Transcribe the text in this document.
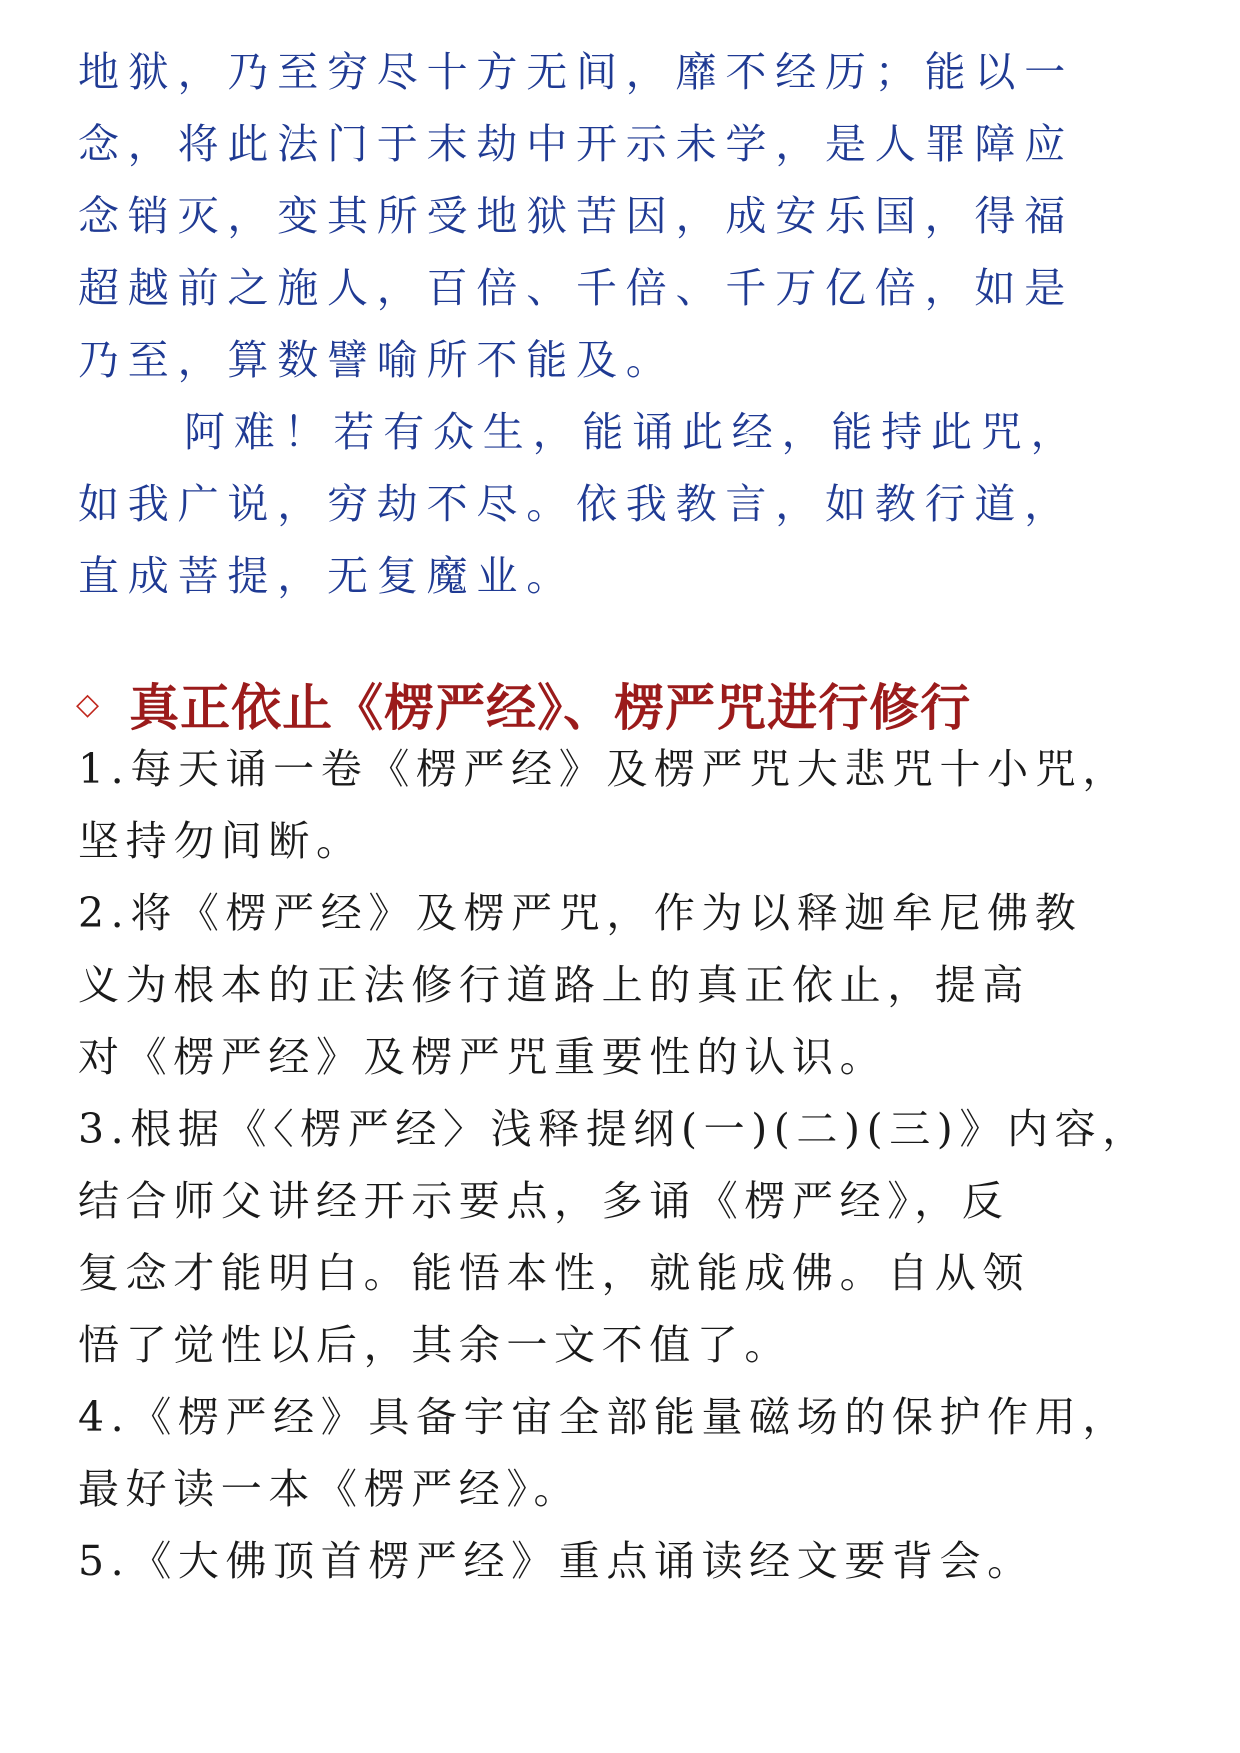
地狱，乃至穷尽十方无间，靡不经历；能以一

念，将此法门于末劫中开示未学，是人罪障应

念销灭，变其所受地狱苦因，成安乐国，得福

超越前之施人，百倍、千倍、千万亿倍，如是

乃至，算数譬喻所不能及。

阿难！若有众生，能诵此经，能持此咒，

如我广说，穷劫不尽。依我教言，如教行道，

直成菩提，无复魔业。

◇ 真正依止《楞严经》、楞严咒进行修行

1.每天诵一卷《楞严经》及楞严咒大悲咒十小咒，

坚持勿间断。

2.将《楞严经》及楞严咒，作为以释迦牟尼佛教

义为根本的正法修行道路上的真正依止，提高

对《楞严经》及楞严咒重要性的认识。

3.根据《〈楞严经〉浅释提纲(一)(二)(三)》内容，

结合师父讲经开示要点，多诵《楞严经》，反

复念才能明白。能悟本性，就能成佛。自从领

悟了觉性以后，其余一文不值了。

4.《楞严经》具备宇宙全部能量磁场的保护作用，

最好读一本《楞严经》。

5.《大佛顶首楞严经》重点诵读经文要背会。
